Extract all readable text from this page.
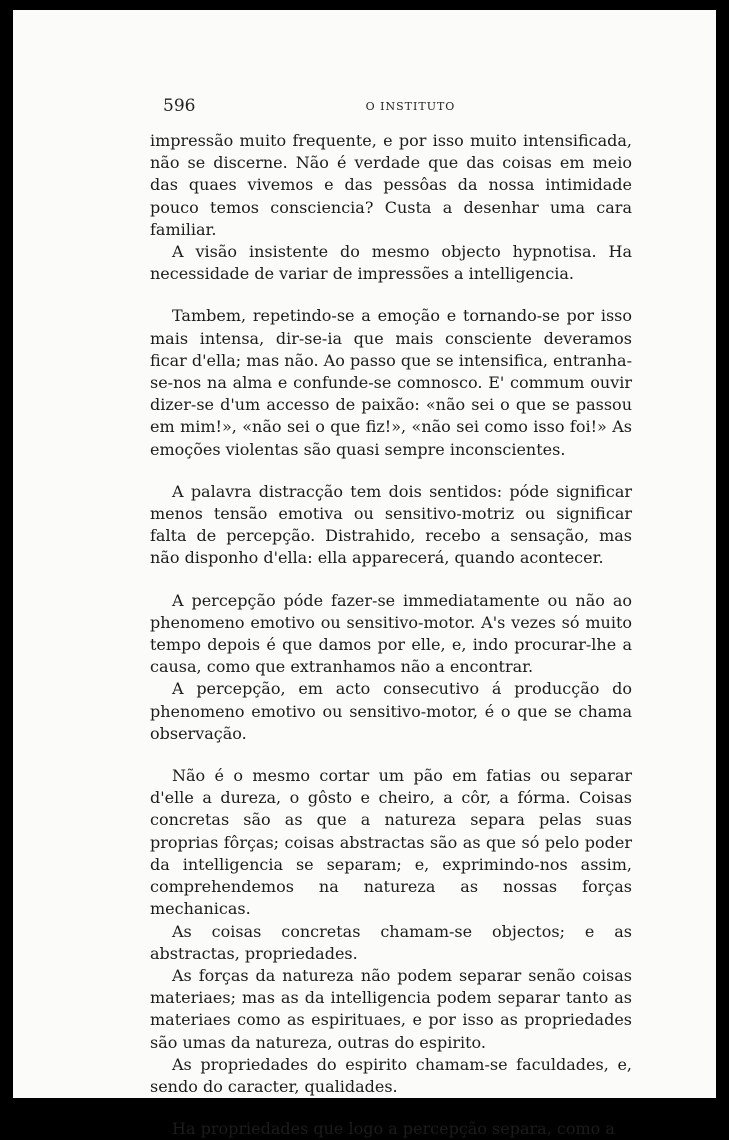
596	O INSTITUTO

impressão muito frequente, e por isso muito intensificada, não se discerne. Não é verdade que das coisas em meio das quaes vivemos e das pessôas da nossa intimidade pouco temos consciencia? Custa a desenhar uma cara familiar.

A visão insistente do mesmo objecto hypnotisa. Ha necessidade de variar de impressões a intelligencia.

Tambem, repetindo-se a emoção e tornando-se por isso mais intensa, dir-se-ia que mais consciente deveramos ficar d'ella; mas não. Ao passo que se intensifica, entranha-se-nos na alma e confunde-se comnosco. E' commum ouvir dizer-se d'um accesso de paixão: «não sei o que se passou em mim!», «não sei o que fiz!», «não sei como isso foi!» As emoções violentas são quasi sempre inconscientes.

A palavra distracção tem dois sentidos: póde significar menos tensão emotiva ou sensitivo-motriz ou significar falta de percepção. Distrahido, recebo a sensação, mas não disponho d'ella: ella apparecerá, quando acontecer.

A percepção póde fazer-se immediatamente ou não ao phenomeno emotivo ou sensitivo-motor. A's vezes só muito tempo depois é que damos por elle, e, indo procurar-lhe a causa, como que extranhamos não a encontrar.

A percepção, em acto consecutivo á producção do phenomeno emotivo ou sensitivo-motor, é o que se chama observação.

Não é o mesmo cortar um pão em fatias ou separar d'elle a dureza, o gôsto e cheiro, a côr, a fórma. Coisas concretas são as que a natureza separa pelas suas proprias fôrças; coisas abstractas são as que só pelo poder da intelligencia se separam; e, exprimindo-nos assim, comprehendemos na natureza as nossas forças mechanicas.

As coisas concretas chamam-se objectos; e as abstractas, propriedades.

As forças da natureza não podem separar senão coisas materiaes; mas as da intelligencia podem separar tanto as materiaes como as espirituaes, e por isso as propriedades são umas da natureza, outras do espirito.

As propriedades do espirito chamam-se faculdades, e, sendo do caracter, qualidades.

Ha propriedades que logo a percepção separa, como a
